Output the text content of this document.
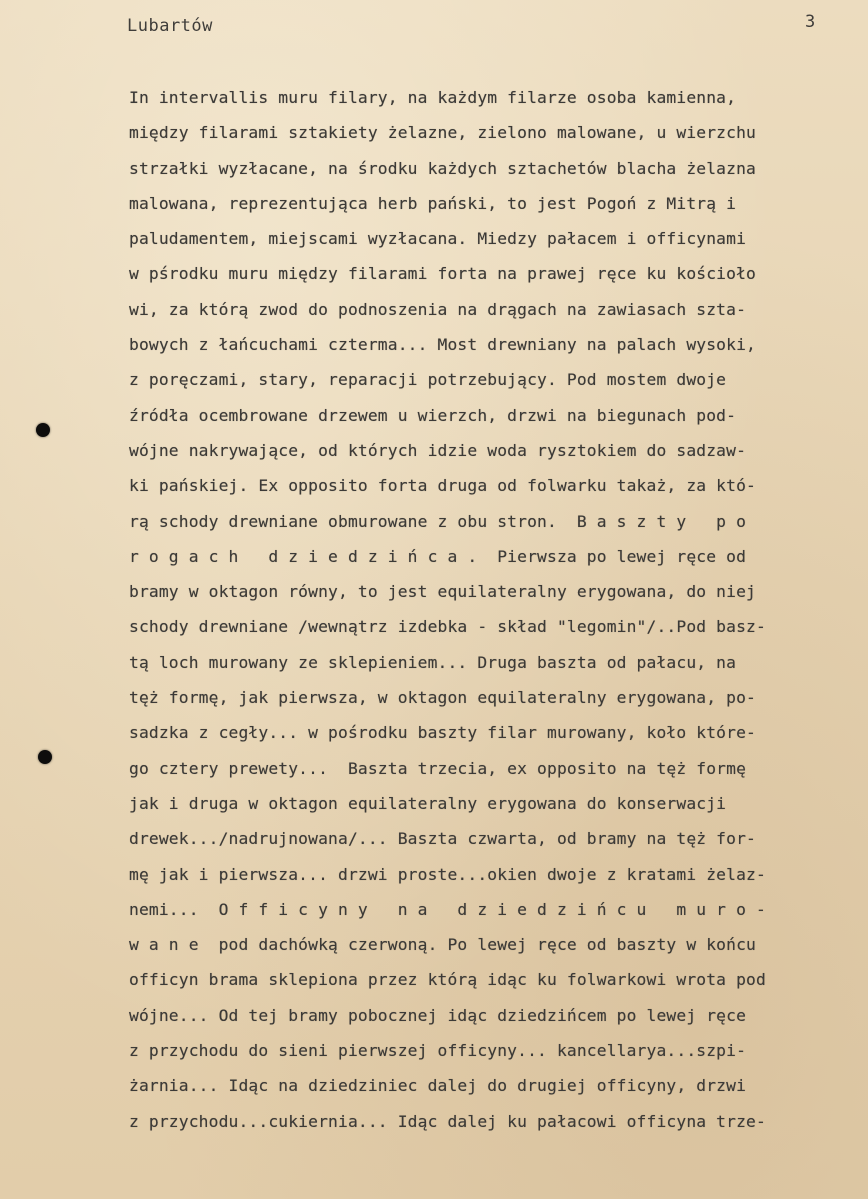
Lubartów	3
In intervallis muru filary, na każdym filarze osoba kamienna,
między filarami sztakiety żelazne, zielono malowane, u wierzchu
strzałki wyzłacane, na środku każdych sztachetów blacha żelazna
malowana, reprezentująca herb pański, to jest Pogoń z Mitrą i
paludamentem, miejscami wyzłacana. Miedzy pałacem i officynami
w pśrodku muru między filarami forta na prawej ręce ku kościoło
wi, za którą zwod do podnoszenia na drągach na zawiasach szta-
bowych z łańcuchami czterma... Most drewniany na palach wysoki,
z poręczami, stary, reparacji potrzebujący. Pod mostem dwoje
źródła ocembrowane drzewem u wierzch, drzwi na biegunach pod-
wójne nakrywające, od których idzie woda rysztokiem do sadzaw-
ki pańskiej. Ex opposito forta druga od folwarku takaż, za któ-
rą schody drewniane obmurowane z obu stron.  B a s z t y   p o
r o g a c h   d z i e d z i ń c a .  Pierwsza po lewej ręce od
bramy w oktagon równy, to jest equilateralny erygowana, do niej
schody drewniane /wewnątrz izdebka - skład "legomin"/..Pod basz-
tą loch murowany ze sklepieniem... Druga baszta od pałacu, na
tęż formę, jak pierwsza, w oktagon equilateralny erygowana, po-
sadzka z cegły... w pośrodku baszty filar murowany, koło które-
go cztery prewety...  Baszta trzecia, ex opposito na tęż formę
jak i druga w oktagon equilateralny erygowana do konserwacji
drewek.../nadrujnowana/... Baszta czwarta, od bramy na tęż for-
mę jak i pierwsza... drzwi proste...okien dwoje z kratami żelaz-
nemi...  O f f i c y n y   n a   d z i e d z i ń c u   m u r o -
w a n e  pod dachówką czerwoną. Po lewej ręce od baszty w końcu
officyn brama sklepiona przez którą idąc ku folwarkowi wrota pod
wójne... Od tej bramy pobocznej idąc dziedzińcem po lewej ręce
z przychodu do sieni pierwszej officyny... kancellarya...szpi-
żarnia... Idąc na dziedziniec dalej do drugiej officyny, drzwi
z przychodu...cukiernia... Idąc dalej ku pałacowi officyna trze-
